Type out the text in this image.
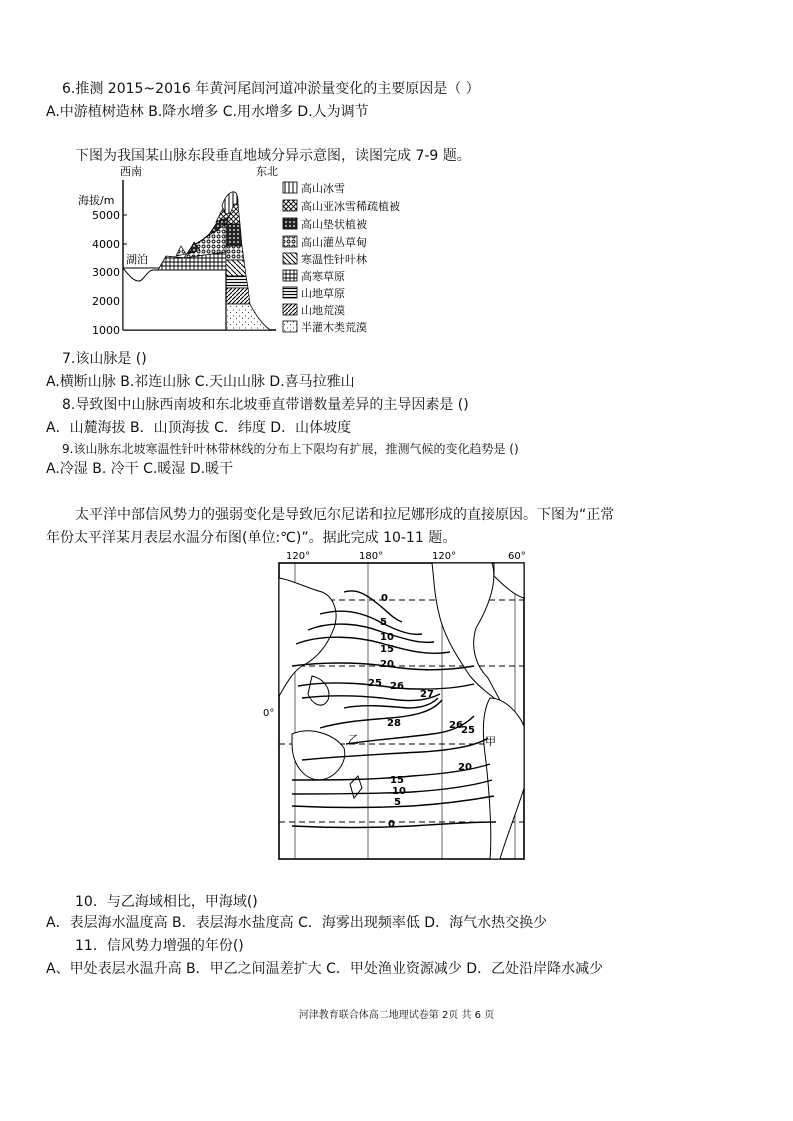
6.推测 2015~2016 年黄河尾闾河道冲淤量变化的主要原因是（ ）
A.中游植树造林 B.降水增多 C.用水增多 D.人为调节
下图为我国某山脉东段垂直地域分异示意图，读图完成 7-9 题。
西南	东北
海拔/m
5000
4000
3000
2000
1000
湖泊
高山冰雪
高山亚冰雪稀疏植被
高山垫状植被
高山灌丛草甸
寒温性针叶林
高寒草原
山地草原
山地荒漠
半灌木类荒漠
7.该山脉是 ()
A.横断山脉 B.祁连山脉 C.天山山脉 D.喜马拉雅山
8.导致图中山脉西南坡和东北坡垂直带谱数量差异的主导因素是 ()
A．山麓海拔 B．山顶海拔 C．纬度 D．山体坡度
9.该山脉东北坡寒温性针叶林带林线的分布上下限均有扩展，推测气候的变化趋势是 ()
A.冷湿 B. 冷干 C.暖湿 D.暖干
太平洋中部信风势力的强弱变化是导致厄尔尼诺和拉尼娜形成的直接原因。下图为“正常
年份太平洋某月表层水温分布图(单位:℃)”。据此完成 10-11 题。
120°	180°	120°	60°
0°
0
5
10
15
20
25 26
27
28	26
25
20
15
10
5
0
甲
乙
10．与乙海域相比，甲海域()
A．表层海水温度高 B．表层海水盐度高 C．海雾出现频率低 D．海气水热交换少
11．信风势力增强的年份()
A、甲处表层水温升高 B．甲乙之间温差扩大 C．甲处渔业资源减少 D．乙处沿岸降水减少
河津教育联合体高二地理试卷第 2页 共 6 页
